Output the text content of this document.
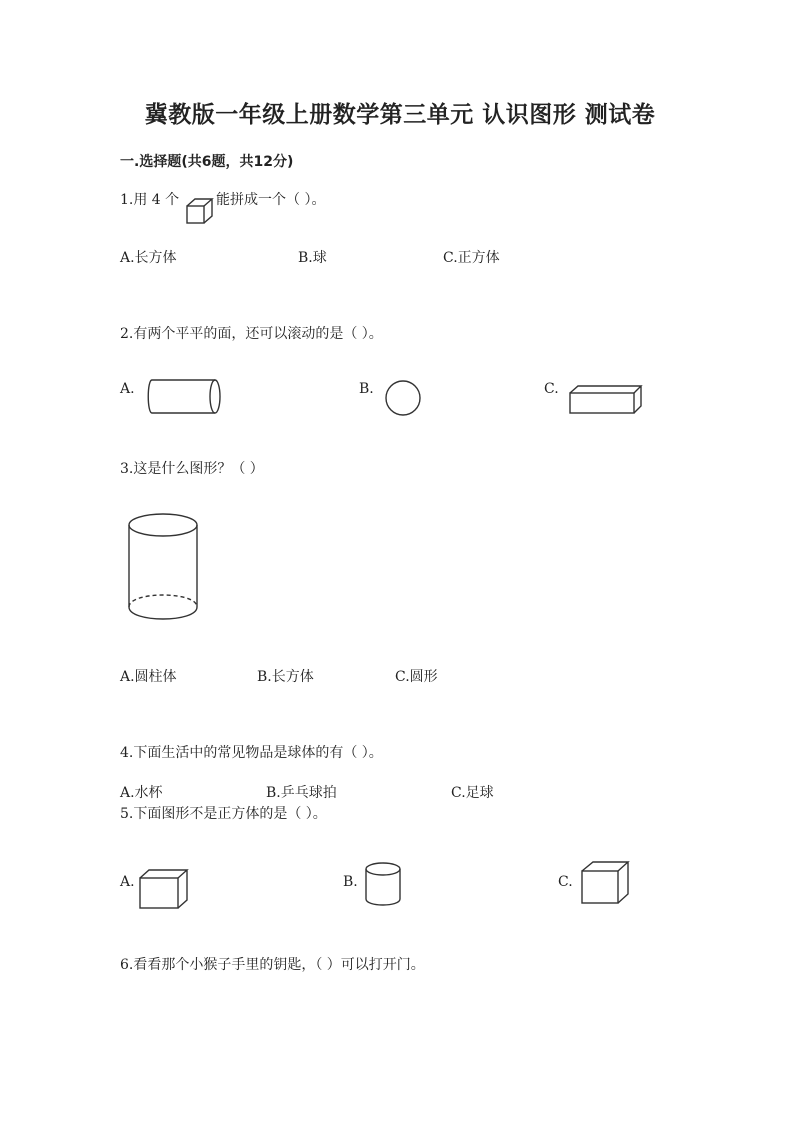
冀教版一年级上册数学第三单元 认识图形 测试卷
一.选择题(共6题，共12分)
1.用 4 个	能拼成一个（ ）。
A.长方体	B.球	C.正方体
2.有两个平平的面，还可以滚动的是（ ）。
A.	B.	C.
3.这是什么图形？（ ）
A.圆柱体	B.长方体	C.圆形
4.下面生活中的常见物品是球体的有（ ）。
A.水杯	B.乒乓球拍	C.足球
5.下面图形不是正方体的是（ ）。
A.	B.	C.
6.看看那个小猴子手里的钥匙，（ ）可以打开门。
